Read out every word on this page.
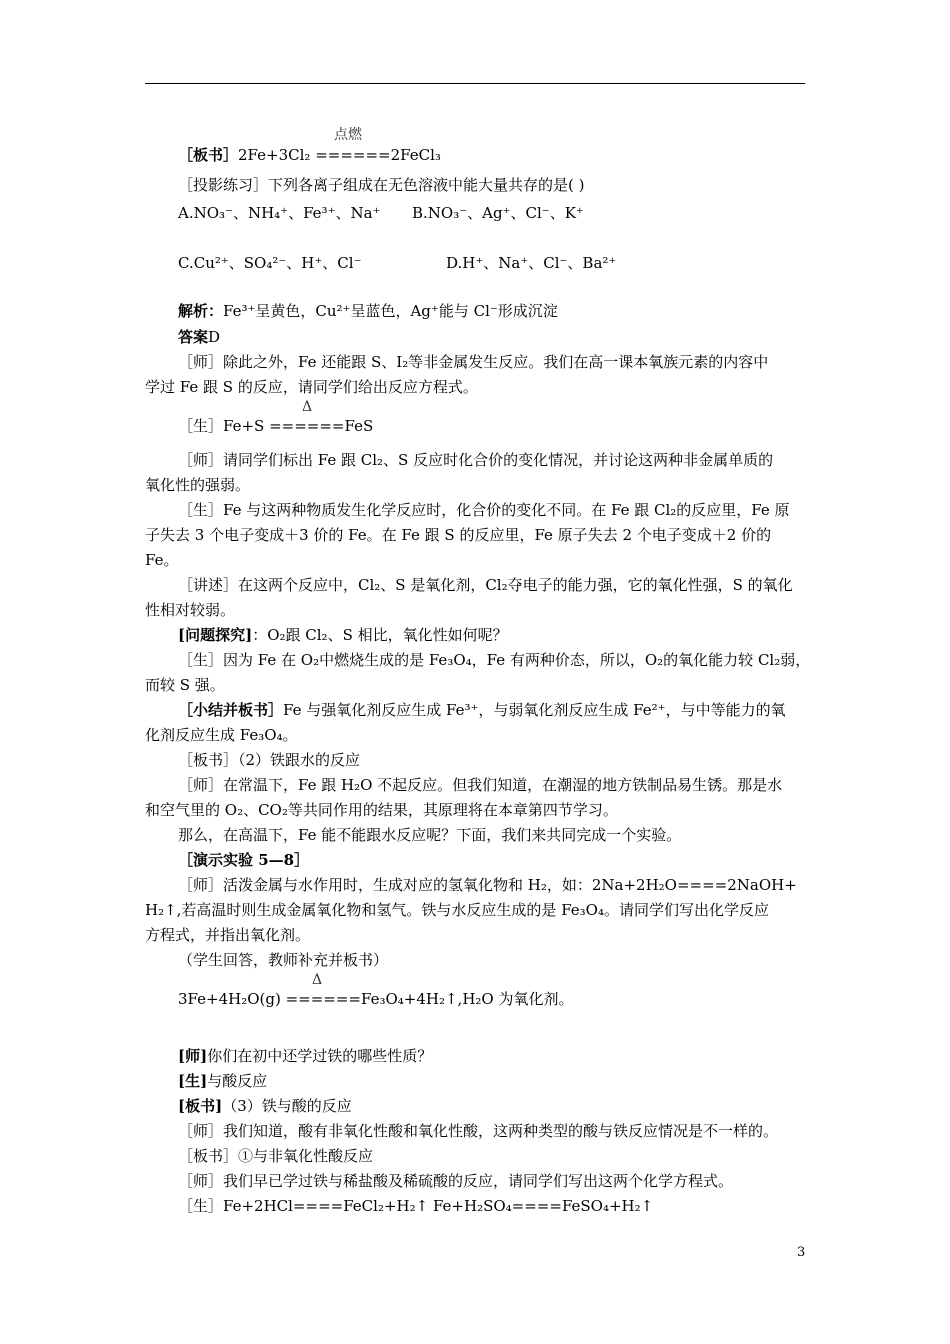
点燃
［板书］2Fe+3Cl₂ ======2FeCl₃
［投影练习］下列各离子组成在无色溶液中能大量共存的是( )
A.NO₃⁻、NH₄⁺、Fe³⁺、Na⁺ B.NO₃⁻、Ag⁺、Cl⁻、K⁺
C.Cu²⁺、SO₄²⁻、H⁺、Cl⁻	D.H⁺、Na⁺、Cl⁻、Ba²⁺
解析：Fe³⁺呈黄色，Cu²⁺呈蓝色，Ag⁺能与 Cl⁻形成沉淀
答案D
［师］除此之外，Fe 还能跟 S、I₂等非金属发生反应。我们在高一课本氧族元素的内容中
学过 Fe 跟 S 的反应，请同学们给出反应方程式。
Δ
［生］Fe+S ======FeS
［师］请同学们标出 Fe 跟 Cl₂、S 反应时化合价的变化情况，并讨论这两种非金属单质的
氧化性的强弱。
［生］Fe 与这两种物质发生化学反应时，化合价的变化不同。在 Fe 跟 Cl₂的反应里，Fe 原
子失去 3 个电子变成＋3 价的 Fe。在 Fe 跟 S 的反应里，Fe 原子失去 2 个电子变成＋2 价的
Fe。
［讲述］在这两个反应中，Cl₂、S 是氧化剂，Cl₂夺电子的能力强，它的氧化性强，S 的氧化
性相对较弱。
[问题探究]：O₂跟 Cl₂、S 相比，氧化性如何呢？
［生］因为 Fe 在 O₂中燃烧生成的是 Fe₃O₄，Fe 有两种价态，所以，O₂的氧化能力较 Cl₂弱，
而较 S 强。
［小结并板书］Fe 与强氧化剂反应生成 Fe³⁺，与弱氧化剂反应生成 Fe²⁺，与中等能力的氧
化剂反应生成 Fe₃O₄。
［板书］（2）铁跟水的反应
［师］在常温下，Fe 跟 H₂O 不起反应。但我们知道，在潮湿的地方铁制品易生锈。那是水
和空气里的 O₂、CO₂等共同作用的结果，其原理将在本章第四节学习。
那么，在高温下，Fe 能不能跟水反应呢？下面，我们来共同完成一个实验。
［演示实验 5—8］
［师］活泼金属与水作用时，生成对应的氢氧化物和 H₂，如：2Na+2H₂O====2NaOH+
H₂↑,若高温时则生成金属氧化物和氢气。铁与水反应生成的是 Fe₃O₄。请同学们写出化学反应
方程式，并指出氧化剂。
（学生回答，教师补充并板书）
Δ
3Fe+4H₂O(g) ======Fe₃O₄+4H₂↑,H₂O 为氧化剂。
[师]你们在初中还学过铁的哪些性质？
[生]与酸反应
[板书]（3）铁与酸的反应
［师］我们知道，酸有非氧化性酸和氧化性酸，这两种类型的酸与铁反应情况是不一样的。
［板书］①与非氧化性酸反应
［师］我们早已学过铁与稀盐酸及稀硫酸的反应，请同学们写出这两个化学方程式。
［生］Fe+2HCl====FeCl₂+H₂↑ Fe+H₂SO₄====FeSO₄+H₂↑
3
